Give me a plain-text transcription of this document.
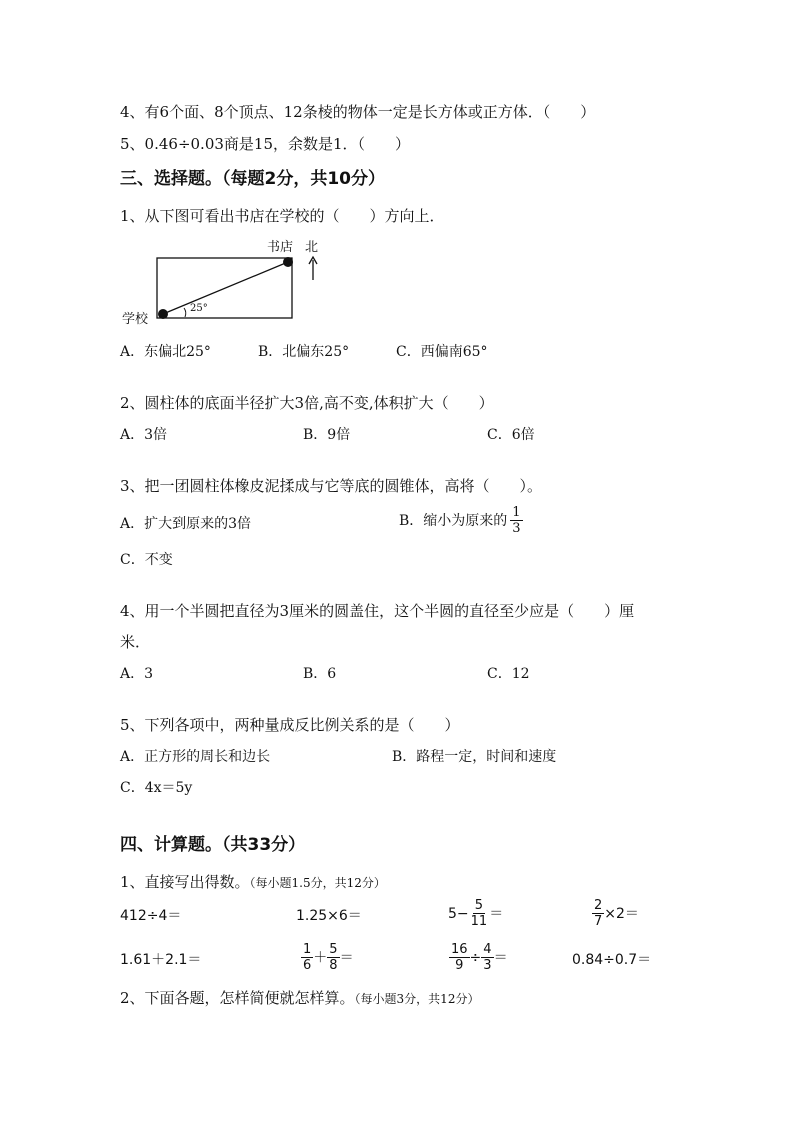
4、有6个面、8个顶点、12条棱的物体一定是长方体或正方体．（　　）
5、0.46÷0.03商是15，余数是1．（　　）
三、选择题。（每题2分，共10分）
1、从下图可看出书店在学校的（　　）方向上．
书店 北
学校
25°
A．东偏北25°	B．北偏东25°	C．西偏南65°
2、圆柱体的底面半径扩大3倍,高不变,体积扩大（　　）
A．3倍	B．9倍	C．6倍
3、把一团圆柱体橡皮泥揉成与它等底的圆锥体，高将（　　）。
A．扩大到原来的3倍	B．缩小为原来的 $\frac{1}{3}$
C．不变
4、用一个半圆把直径为3厘米的圆盖住，这个半圆的直径至少应是（　　）厘
米．
A．3	B．6	C．12
5、下列各项中，两种量成反比例关系的是（　　）
A．正方形的周长和边长	B．路程一定，时间和速度
C．4x＝5y
四、计算题。（共33分）
1、直接写出得数。（每小题1.5分，共12分）
412÷4＝	1.25×6＝	$5- \frac{5}{11}$ ＝	$\frac{2}{7} \times 2=$
1.61＋2.1＝	$\frac{1}{6} + \frac{5}{8}$ ＝	$\frac{16}{9} \div \frac{4}{3}$ ＝	0.84÷0.7＝
2、下面各题，怎样简便就怎样算。（每小题3分，共12分）
